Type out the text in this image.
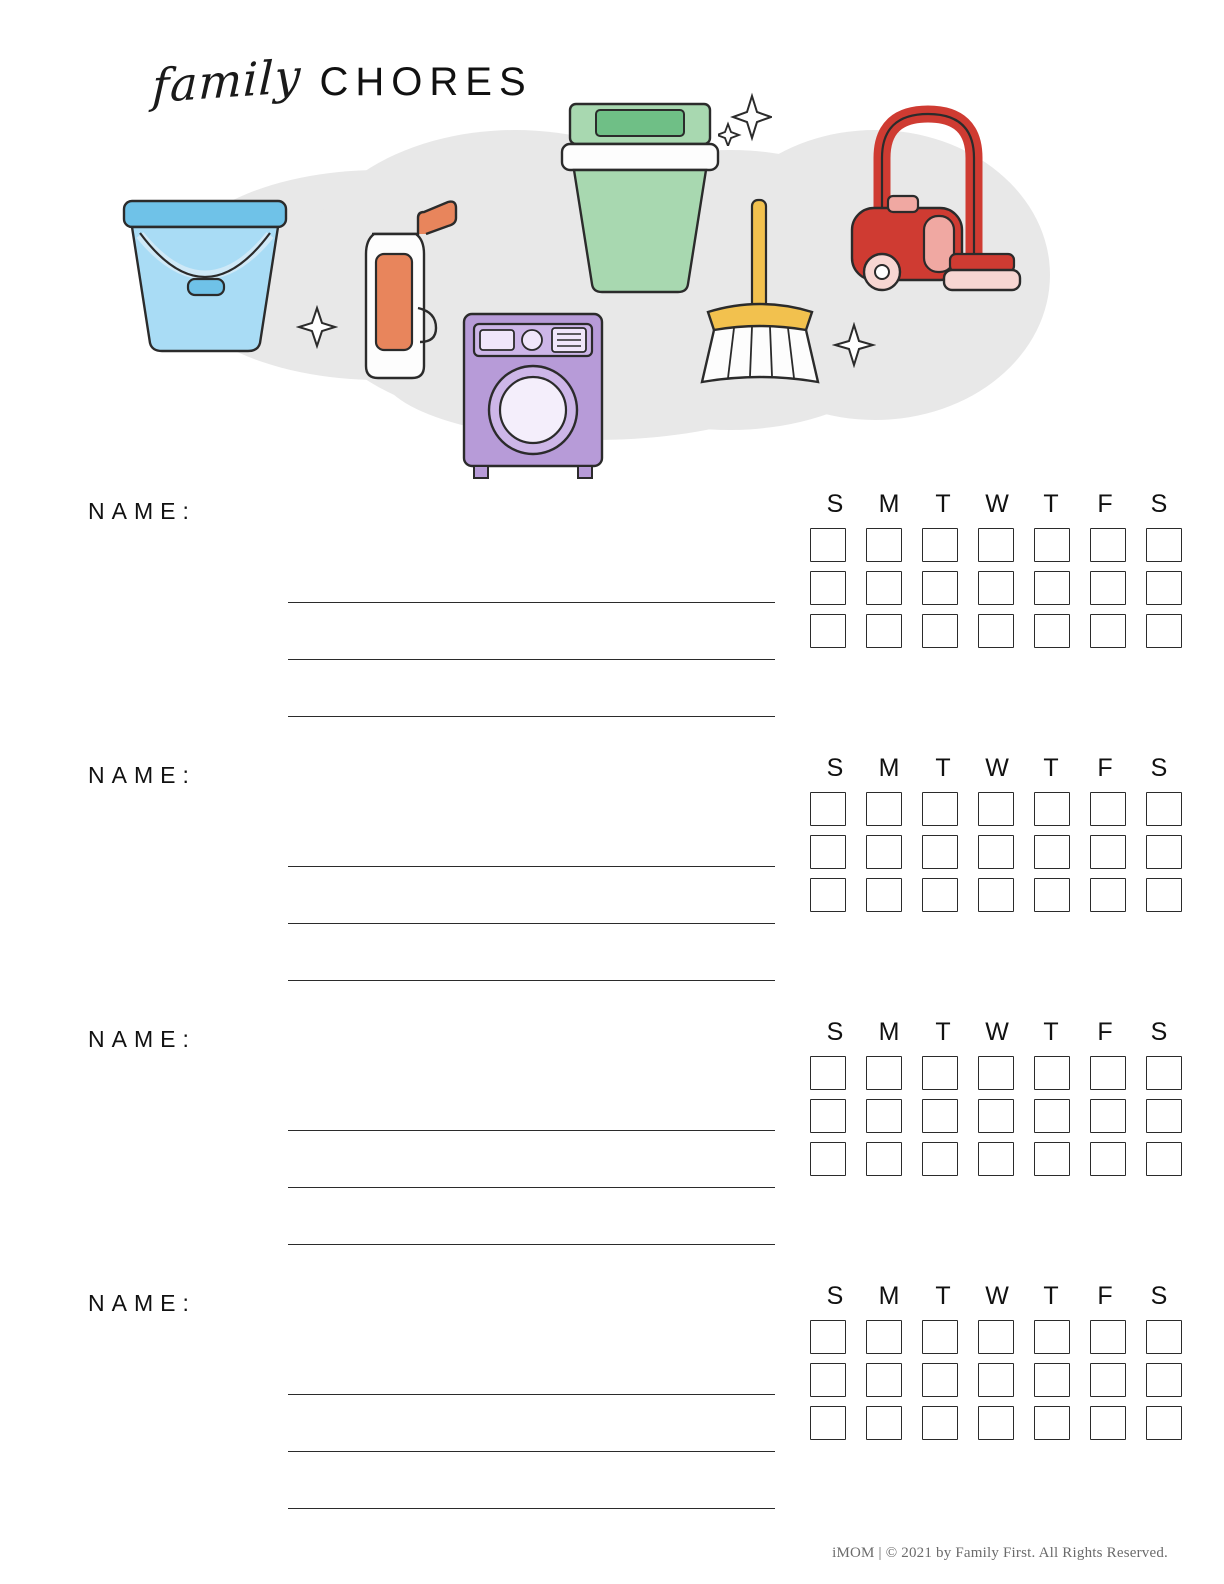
family CHORES
NAME:	S	M	T	W	T	F	S
NAME:	S	M	T	W	T	F	S
NAME:	S	M	T	W	T	F	S
NAME:	S	M	T	W	T	F	S
iMOM | © 2021 by Family First. All Rights Reserved.
